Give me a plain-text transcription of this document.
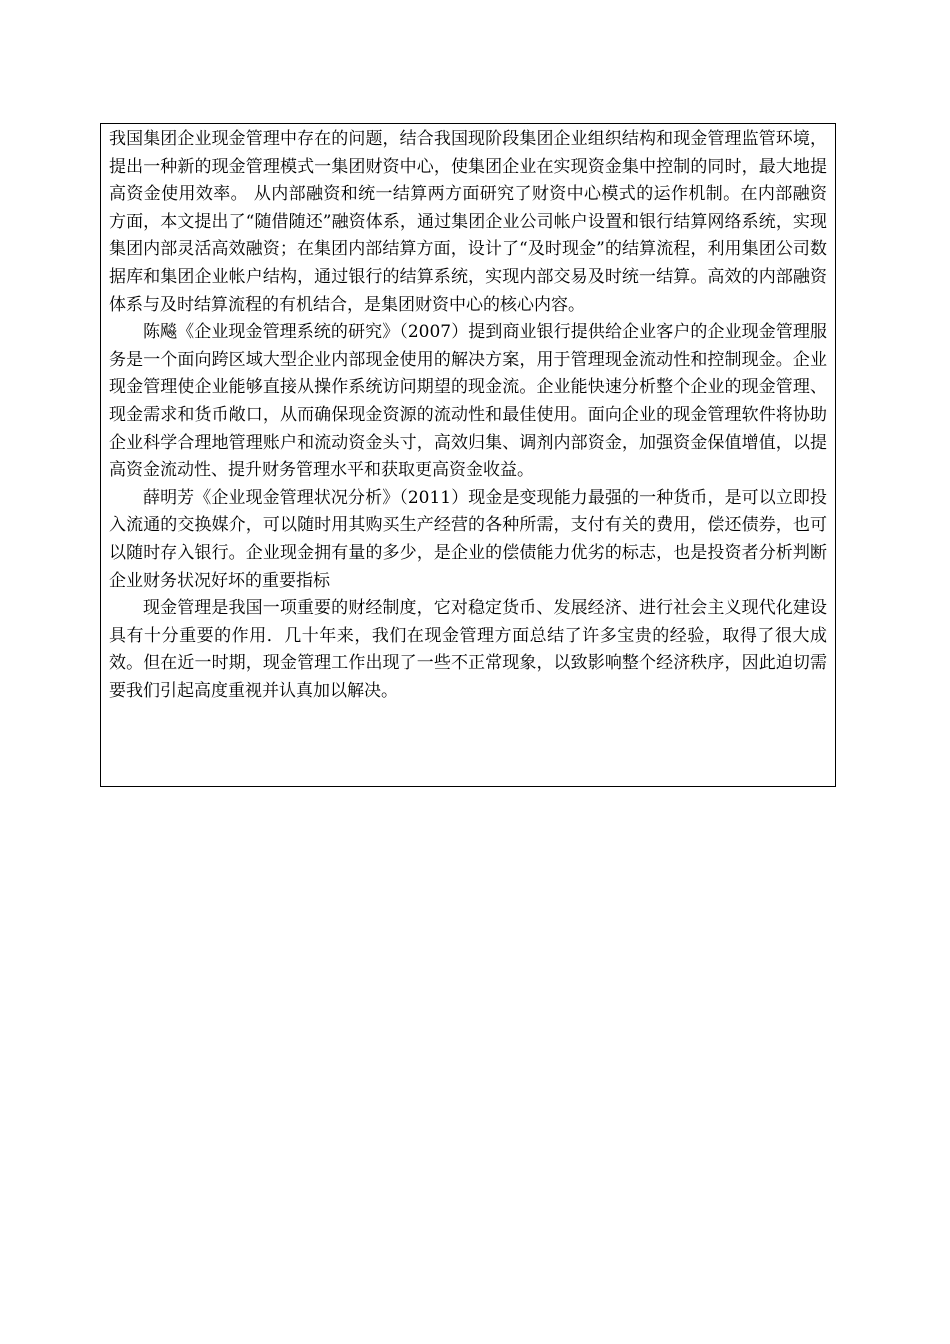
我国集团企业现金管理中存在的问题，结合我国现阶段集团企业组织结构和现金管理监管环境，提出一种新的现金管理模式一集团财资中心，使集团企业在实现资金集中控制的同时，最大地提高资金使用效率。 从内部融资和统一结算两方面研究了财资中心模式的运作机制。在内部融资方面，本文提出了“随借随还”融资体系，通过集团企业公司帐户设置和银行结算网络系统，实现集团内部灵活高效融资；在集团内部结算方面，设计了“及时现金”的结算流程，利用集团公司数据库和集团企业帐户结构，通过银行的结算系统，实现内部交易及时统一结算。高效的内部融资体系与及时结算流程的有机结合，是集团财资中心的核心内容。

陈飚《企业现金管理系统的研究》（2007）提到商业银行提供给企业客户的企业现金管理服务是一个面向跨区域大型企业内部现金使用的解决方案，用于管理现金流动性和控制现金。企业现金管理使企业能够直接从操作系统访问期望的现金流。企业能快速分析整个企业的现金管理、现金需求和货币敞口，从而确保现金资源的流动性和最佳使用。面向企业的现金管理软件将协助企业科学合理地管理账户和流动资金头寸，高效归集、调剂内部资金，加强资金保值增值，以提高资金流动性、提升财务管理水平和获取更高资金收益。

薛明芳《企业现金管理状况分析》（2011）现金是变现能力最强的一种货币，是可以立即投入流通的交换媒介，可以随时用其购买生产经营的各种所需，支付有关的费用，偿还债券，也可以随时存入银行。企业现金拥有量的多少，是企业的偿债能力优劣的标志，也是投资者分析判断企业财务状况好坏的重要指标

现金管理是我国一项重要的财经制度，它对稳定货币、发展经济、进行社会主义现代化建设具有十分重要的作用．几十年来，我们在现金管理方面总结了许多宝贵的经验，取得了很大成效。但在近一时期，现金管理工作出现了一些不正常现象，以致影响整个经济秩序，因此迫切需要我们引起高度重视并认真加以解决。
